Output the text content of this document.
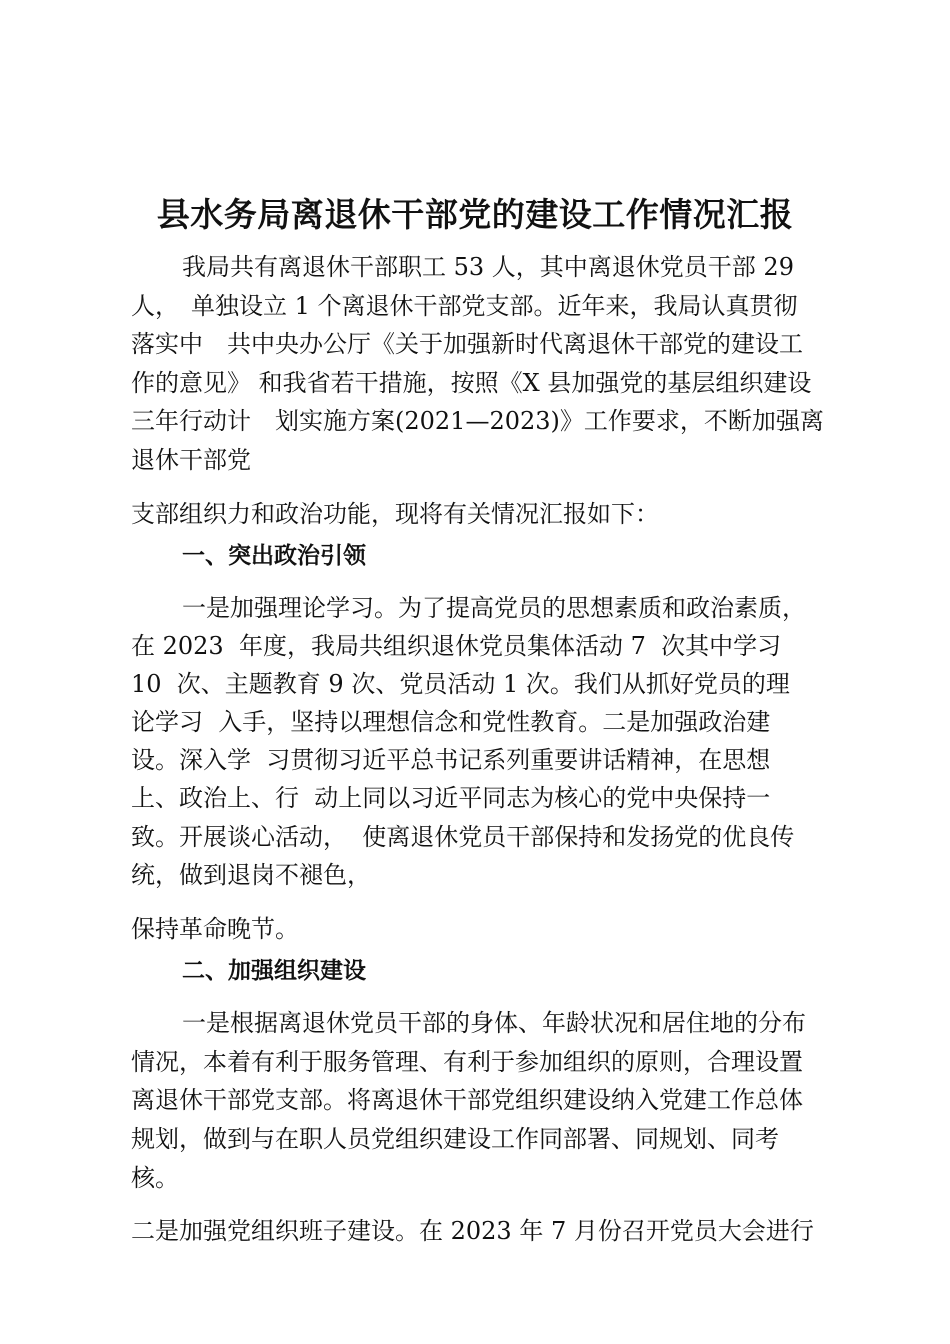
县水务局离退休干部党的建设工作情况汇报
我局共有离退休干部职工 53 人，其中离退休党员干部 29
人，　单独设立 1 个离退休干部党支部。近年来，我局认真贯彻
落实中　共中央办公厅《关于加强新时代离退休干部党的建设工
作的意见》 和我省若干措施，按照《X 县加强党的基层组织建设
三年行动计　划实施方案(2021—2023)》工作要求，不断加强离
退休干部党
支部组织力和政治功能，现将有关情况汇报如下：
一、突出政治引领
一是加强理论学习。为了提高党员的思想素质和政治素质，
在 2023  年度，我局共组织退休党员集体活动 7  次其中学习
10  次、主题教育 9 次、党员活动 1 次。我们从抓好党员的理
论学习  入手，坚持以理想信念和党性教育。二是加强政治建
设。深入学  习贯彻习近平总书记系列重要讲话精神，在思想
上、政治上、行  动上同以习近平同志为核心的党中央保持一
致。开展谈心活动，  使离退休党员干部保持和发扬党的优良传
统，做到退岗不褪色，
保持革命晚节。
二、加强组织建设
一是根据离退休党员干部的身体、年龄状况和居住地的分布
情况，本着有利于服务管理、有利于参加组织的原则，合理设置
离退休干部党支部。将离退休干部党组织建设纳入党建工作总体
规划，做到与在职人员党组织建设工作同部署、同规划、同考
核。
二是加强党组织班子建设。在 2023 年 7 月份召开党员大会进行
